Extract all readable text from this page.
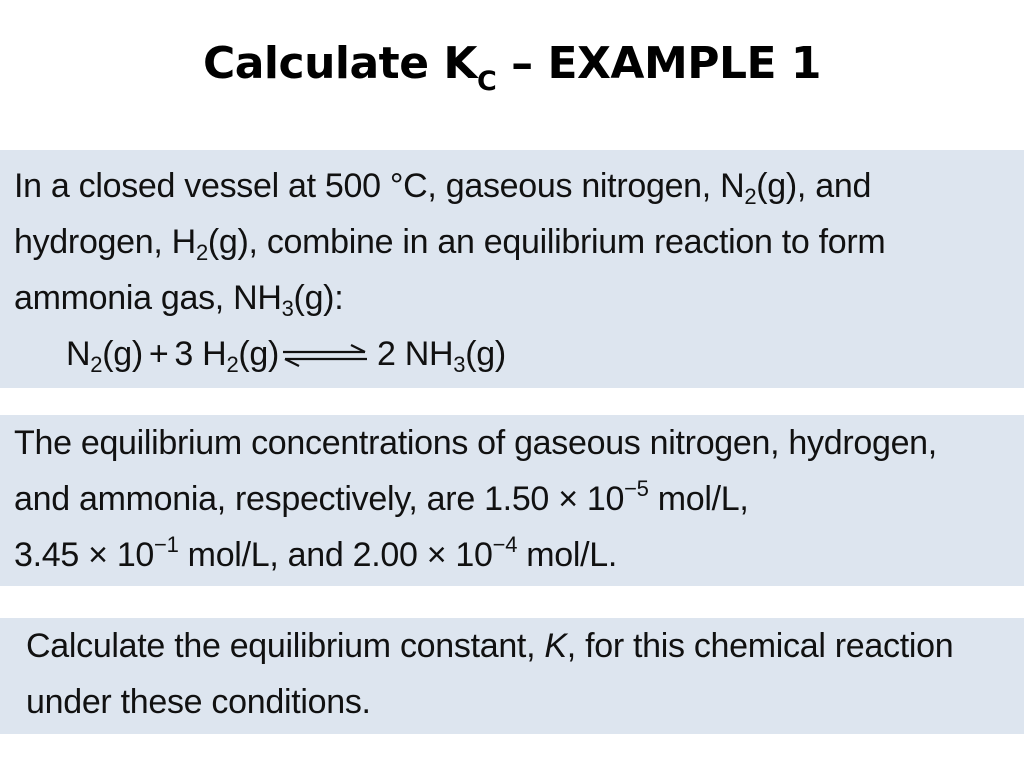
Calculate $K_C$ – EXAMPLE 1
In a closed vessel at 500 °C, gaseous nitrogen, $N_2(g)$, and
hydrogen, $H_2(g)$, combine in an equilibrium reaction to form
ammonia gas, $NH_3(g)$:
$N_2(g) + 3$ $H_2(g)$ ⇌ 2 $NH_3(g)$
The equilibrium concentrations of gaseous nitrogen, hydrogen,
and ammonia, respectively, are $1.50 \times 10^{-5}$ mol/L,
$3.45 \times 10^{-1}$ mol/L, and $2.00 \times 10^{-4}$ mol/L.
Calculate the equilibrium constant, K, for this chemical reaction
under these conditions.
